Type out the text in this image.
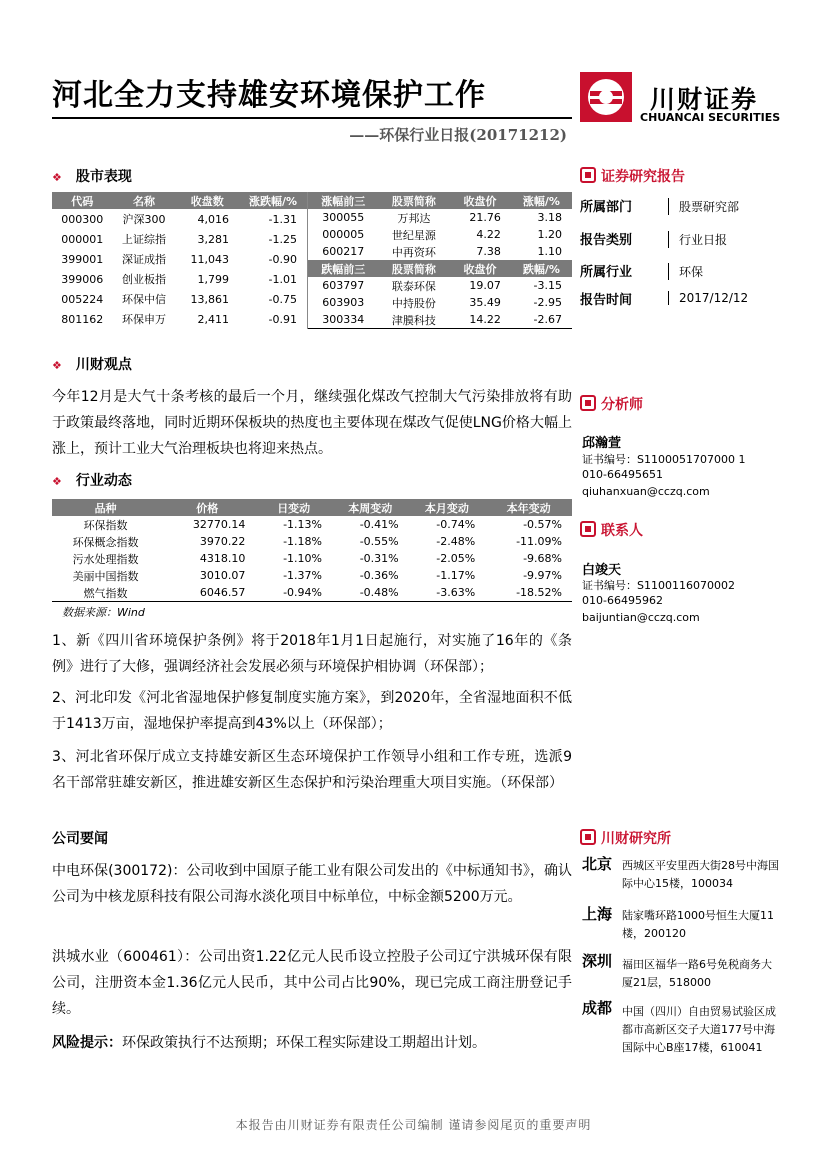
河北全力支持雄安环境保护工作
——环保行业日报(20171212)
川财证券
CHUANCAI SECURITIES
❖ 股市表现
代码	名称	收盘数	涨跌幅/%
000300	沪深300	4,016	-1.31
000001	上证综指	3,281	-1.25
399001	深证成指	11,043	-0.90
399006	创业板指	1,799	-1.01
005224	环保中信	13,861	-0.75
801162	环保申万	2,411	-0.91
涨幅前三	股票简称	收盘价	涨幅/%
300055	万邦达	21.76	3.18
000005	世纪星源	4.22	1.20
600217	中再资环	7.38	1.10
跌幅前三	股票简称	收盘价	跌幅/%
603797	联泰环保	19.07	-3.15
603903	中持股份	35.49	-2.95
300334	津膜科技	14.22	-2.67
❖ 川财观点
今年12月是大气十条考核的最后一个月，继续强化煤改气控制大气污染排放将有助于政策最终落地，同时近期环保板块的热度也主要体现在煤改气促使LNG价格大幅上涨上，预计工业大气治理板块也将迎来热点。
❖ 行业动态
品种	价格	日变动	本周变动	本月变动	本年变动
环保指数	32770.14	-1.13%	-0.41%	-0.74%	-0.57%
环保概念指数	3970.22	-1.18%	-0.55%	-2.48%	-11.09%
污水处理指数	4318.10	-1.10%	-0.31%	-2.05%	-9.68%
美丽中国指数	3010.07	-1.37%	-0.36%	-1.17%	-9.97%
燃气指数	6046.57	-0.94%	-0.48%	-3.63%	-18.52%
数据来源：Wind
1、新《四川省环境保护条例》将于2018年1月1日起施行，对实施了16年的《条例》进行了大修，强调经济社会发展必须与环境保护相协调（环保部）；
2、河北印发《河北省湿地保护修复制度实施方案》，到2020年，全省湿地面积不低于1413万亩，湿地保护率提高到43%以上（环保部）；
3、河北省环保厅成立支持雄安新区生态环境保护工作领导小组和工作专班，选派9名干部常驻雄安新区，推进雄安新区生态保护和污染治理重大项目实施。（环保部）
公司要闻
中电环保(300172)：公司收到中国原子能工业有限公司发出的《中标通知书》，确认公司为中核龙原科技有限公司海水淡化项目中标单位，中标金额5200万元。
洪城水业（600461）：公司出资1.22亿元人民币设立控股子公司辽宁洪城环保有限公司，注册资本金1.36亿元人民币，其中公司占比90%，现已完成工商注册登记手续。
风险提示：环保政策执行不达预期；环保工程实际建设工期超出计划。
证券研究报告
所属部门	股票研究部
报告类别	行业日报
所属行业	环保
报告时间	2017/12/12
分析师
邱瀚萱
证书编号：S1100051707000 1
010-66495651
qiuhanxuan@cczq.com
联系人
白竣天
证书编号：S1100116070002
010-66495962
baijuntian@cczq.com
川财研究所
北京 西城区平安里西大街28号中海国际中心15楼，100034
上海 陆家嘴环路1000号恒生大厦11楼，200120
深圳 福田区福华一路6号免税商务大厦21层，518000
成都 中国（四川）自由贸易试验区成都市高新区交子大道177号中海国际中心B座17楼，610041
本报告由川财证券有限责任公司编制 谨请参阅尾页的重要声明
